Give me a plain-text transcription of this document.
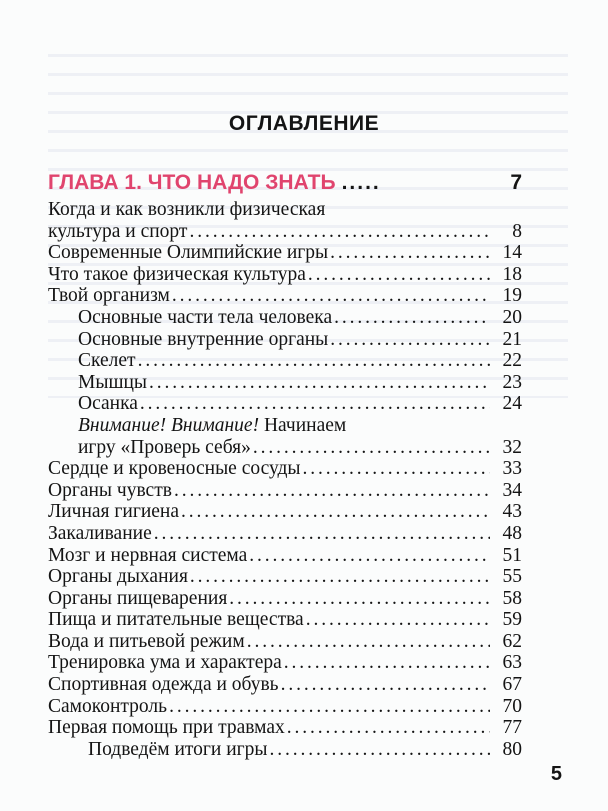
ОГЛАВЛЕНИЕ
ГЛАВА 1. ЧТО НАДО ЗНАТЬ .....	7
Когда и как возникли физическая
культура и спорт . . .	8
Современные Олимпийские игры . . .	14
Что такое физическая культура . . .	18
Твой организм . . .	19
Основные части тела человека . . .	20
Основные внутренние органы . . .	21
Скелет . . .	22
Мышцы . . .	23
Осанка . . .	24
Внимание! Внимание! Начинаем
игру «Проверь себя» . . .	32
Сердце и кровеносные сосуды . . .	33
Органы чувств . . .	34
Личная гигиена . . .	43
Закаливание . . .	48
Мозг и нервная система . . .	51
Органы дыхания . . .	55
Органы пищеварения . . .	58
Пища и питательные вещества . . .	59
Вода и питьевой режим . . .	62
Тренировка ума и характера . . .	63
Спортивная одежда и обувь . . .	67
Самоконтроль . . .	70
Первая помощь при травмах . . .	77
Подведём итоги игры . . .	80
5
